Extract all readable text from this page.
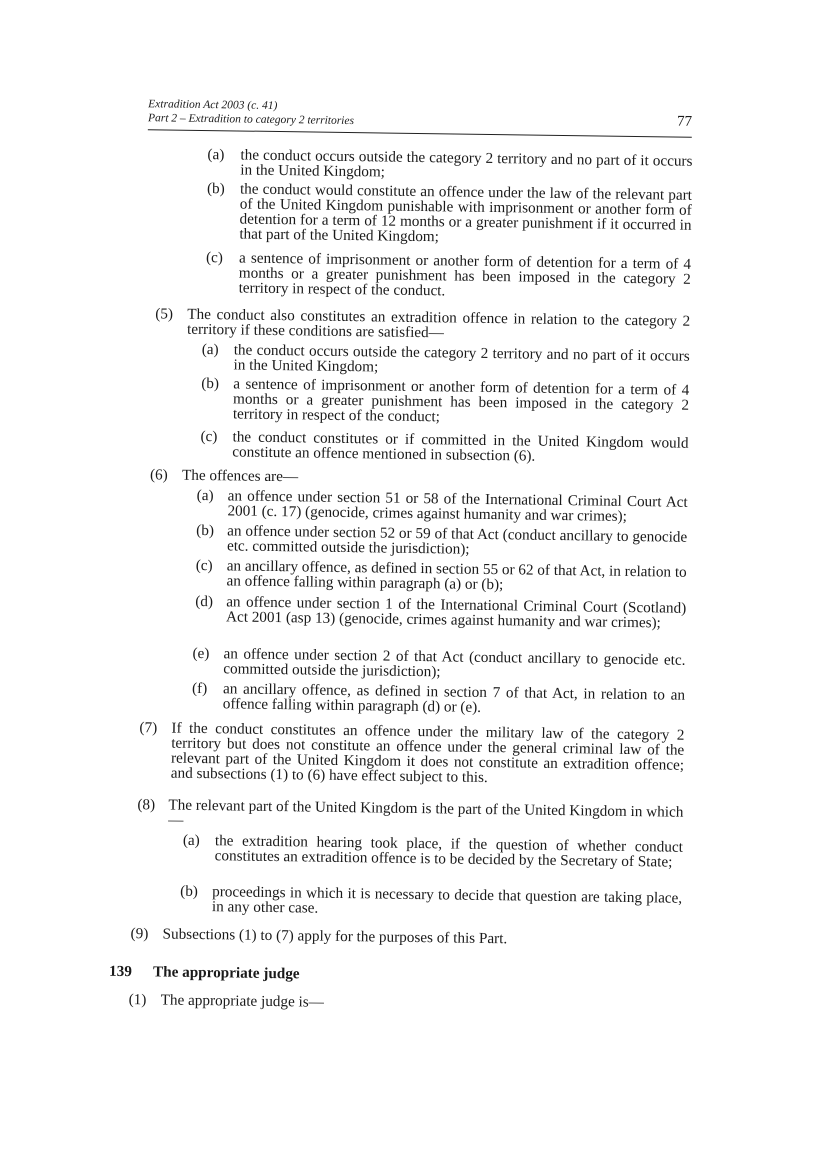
Extradition Act 2003 (c. 41)
Part 2 – Extradition to category 2 territories	77
(a) the conduct occurs outside the category 2 territory and no part of it occurs in the United Kingdom;
(b) the conduct would constitute an offence under the law of the relevant part of the United Kingdom punishable with imprisonment or another form of detention for a term of 12 months or a greater punishment if it occurred in that part of the United Kingdom;
(c) a sentence of imprisonment or another form of detention for a term of 4 months or a greater punishment has been imposed in the category 2 territory in respect of the conduct.
(5) The conduct also constitutes an extradition offence in relation to the category 2 territory if these conditions are satisfied—
(a) the conduct occurs outside the category 2 territory and no part of it occurs in the United Kingdom;
(b) a sentence of imprisonment or another form of detention for a term of 4 months or a greater punishment has been imposed in the category 2 territory in respect of the conduct;
(c) the conduct constitutes or if committed in the United Kingdom would constitute an offence mentioned in subsection (6).
(6) The offences are—
(a) an offence under section 51 or 58 of the International Criminal Court Act 2001 (c. 17) (genocide, crimes against humanity and war crimes);
(b) an offence under section 52 or 59 of that Act (conduct ancillary to genocide etc. committed outside the jurisdiction);
(c) an ancillary offence, as defined in section 55 or 62 of that Act, in relation to an offence falling within paragraph (a) or (b);
(d) an offence under section 1 of the International Criminal Court (Scotland) Act 2001 (asp 13) (genocide, crimes against humanity and war crimes);
(e) an offence under section 2 of that Act (conduct ancillary to genocide etc. committed outside the jurisdiction);
(f) an ancillary offence, as defined in section 7 of that Act, in relation to an offence falling within paragraph (d) or (e).
(7) If the conduct constitutes an offence under the military law of the category 2 territory but does not constitute an offence under the general criminal law of the relevant part of the United Kingdom it does not constitute an extradition offence; and subsections (1) to (6) have effect subject to this.
(8) The relevant part of the United Kingdom is the part of the United Kingdom in which—
(a) the extradition hearing took place, if the question of whether conduct constitutes an extradition offence is to be decided by the Secretary of State;
(b) proceedings in which it is necessary to decide that question are taking place, in any other case.
(9) Subsections (1) to (7) apply for the purposes of this Part.
139 The appropriate judge
(1) The appropriate judge is—
